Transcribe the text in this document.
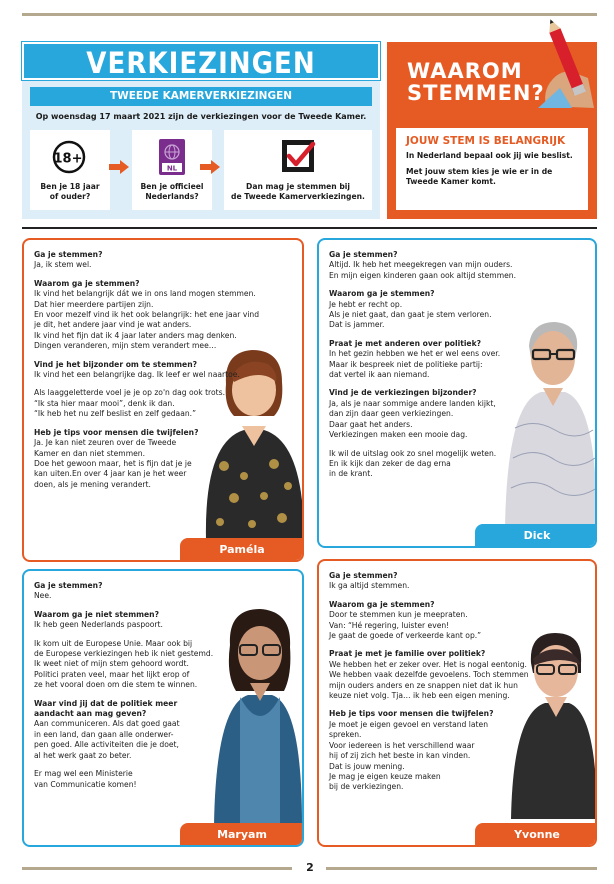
VERKIEZINGEN
TWEEDE KAMERVERKIEZINGEN
Op woensdag 17 maart 2021 zijn de verkiezingen voor de Tweede Kamer.
18+
Ben je 18 jaar
of ouder?
NL
Ben je officieel
Nederlands?
Dan mag je stemmen bij
de Tweede Kamerverkiezingen.
WAAROM
STEMMEN?
JOUW STEM IS BELANGRIJK
In Nederland bepaal ook jij wie beslist.
Met jouw stem kies je wie er in de Tweede Kamer komt.

Ga je stemmen?

Ja, ik stem wel.

Waarom ga je stemmen?

Ik vind het belangrijk dát we in ons land mogen stemmen.

Dat hier meerdere partijen zijn.

En voor mezelf vind ik het ook belangrijk: het ene jaar vind

je dit, het andere jaar vind je wat anders.

Ik vind het fijn dat ik 4 jaar later anders mag denken.

Dingen veranderen, mijn stem verandert mee…

Vind je het bijzonder om te stemmen?

Ik vind het een belangrijke dag. Ik leef er wel naartoe.

Als laaggeletterde voel je je op zo'n dag ook trots.

“Ik sta hier maar mooi”, denk ik dan.

“Ik heb het nu zelf beslist en zelf gedaan.”

Heb je tips voor mensen die twijfelen?

Ja. Je kan niet zeuren over de Tweede

Kamer en dan niet stemmen.

Doe het gewoon maar, het is fijn dat je je

kan uiten.En over 4 jaar kan je het weer

doen, als je mening verandert.

Paméla

Ga je stemmen?

Altijd. Ik heb het meegekregen van mijn ouders.

En mijn eigen kinderen gaan ook altijd stemmen.

Waarom ga je stemmen?

Je hebt er recht op.

Als je niet gaat, dan gaat je stem verloren.

Dat is jammer.

Praat je met anderen over politiek?

In het gezin hebben we het er wel eens over.

Maar ik bespreek niet de politieke partij:

dat vertel ik aan niemand.

Vind je de verkiezingen bijzonder?

Ja, als je naar sommige andere landen kijkt,

dan zijn daar geen verkiezingen.

Daar gaat het anders.

Verkiezingen maken een mooie dag.

Ik wil de uitslag ook zo snel mogelijk weten.

En ik kijk dan zeker de dag erna

in de krant.

Dick

Ga je stemmen?

Nee.

Waarom ga je niet stemmen?

Ik heb geen Nederlands paspoort.

Ik kom uit de Europese Unie. Maar ook bij

de Europese verkiezingen heb ik niet gestemd.

Ik weet niet of mijn stem gehoord wordt.

Politici praten veel, maar het lijkt erop of

ze het vooral doen om die stem te winnen.

Waar vind jij dat de politiek meer

aandacht aan mag geven?

Aan communiceren. Als dat goed gaat

in een land, dan gaan alle onderwer-

pen goed. Alle activiteiten die je doet,

al het werk gaat zo beter.

Er mag wel een Ministerie

van Communicatie komen!

Maryam

Ga je stemmen?

Ik ga altijd stemmen.

Waarom ga je stemmen?

Door te stemmen kun je meepraten.

Van: “Hé regering, luister even!

Je gaat de goede of verkeerde kant op.”

Praat je met je familie over politiek?

We hebben het er zeker over. Het is nogal eentonig.

We hebben vaak dezelfde gevoelens. Toch stemmen

mijn ouders anders en ze snappen niet dat ik hun

keuze niet volg. Tja… ik heb een eigen mening.

Heb je tips voor mensen die twijfelen?

Je moet je eigen gevoel en verstand laten

spreken.

Voor iedereen is het verschillend waar

hij of zij zich het beste in kan vinden.

Dat is jouw mening.

Je mag je eigen keuze maken

bij de verkiezingen.

Yvonne
2
